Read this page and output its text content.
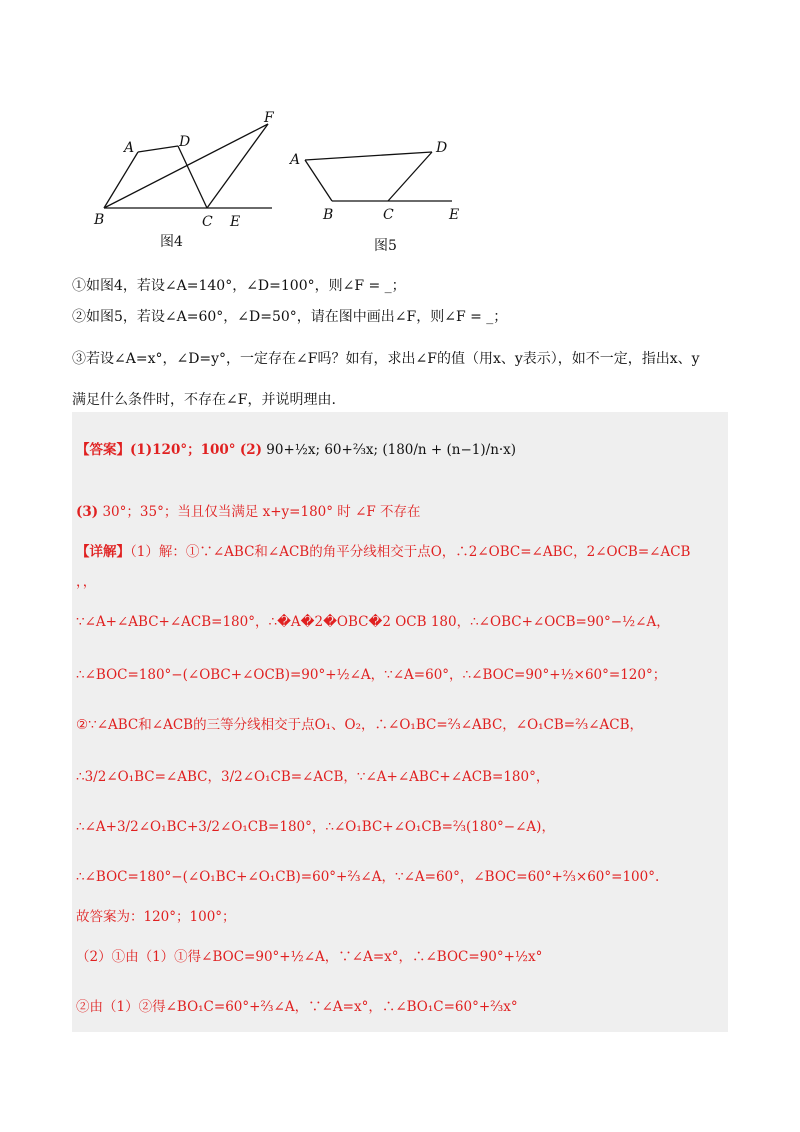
A	D
F
B	C E
图4
A
D
B	C	E
图5
①如图4，若设∠A=140°，∠D=100°，则∠F = _；
②如图5，若设∠A=60°，∠D=50°，请在图中画出∠F，则∠F = _；
③若设∠A=x°，∠D=y°，一定存在∠F吗？如有，求出∠F的值（用x、y表示），如不一定，指出x、y
满足什么条件时，不存在∠F，并说明理由.
【答案】(1)120°；100° (2) 90+½x; 60+⅔x; (180/n + (n−1)/n·x)
(3) 30°；35°；当且仅当满足 x+y=180° 时 ∠F 不存在
【详解】（1）解：①∵∠ABC和∠ACB的角平分线相交于点O，∴2∠OBC=∠ABC，2∠OCB=∠ACB
，，
∵∠A+∠ABC+∠ACB=180°，∴�A�2�OBC�2 OCB 180，∴∠OBC+∠OCB=90°−½∠A，
∴∠BOC=180°−(∠OBC+∠OCB)=90°+½∠A，∵∠A=60°，∴∠BOC=90°+½×60°=120°；
②∵∠ABC和∠ACB的三等分线相交于点O₁、O₂，∴∠O₁BC=⅔∠ABC，∠O₁CB=⅔∠ACB，
∴3/2∠O₁BC=∠ABC，3/2∠O₁CB=∠ACB，∵∠A+∠ABC+∠ACB=180°，
∴∠A+3/2∠O₁BC+3/2∠O₁CB=180°，∴∠O₁BC+∠O₁CB=⅔(180°−∠A)，
∴∠BOC=180°−(∠O₁BC+∠O₁CB)=60°+⅔∠A，∵∠A=60°，∠BOC=60°+⅔×60°=100°.
故答案为：120°；100°；
（2）①由（1）①得∠BOC=90°+½∠A，∵∠A=x°，∴∠BOC=90°+½x°
②由（1）②得∠BO₁C=60°+⅔∠A，∵∠A=x°，∴∠BO₁C=60°+⅔x°
